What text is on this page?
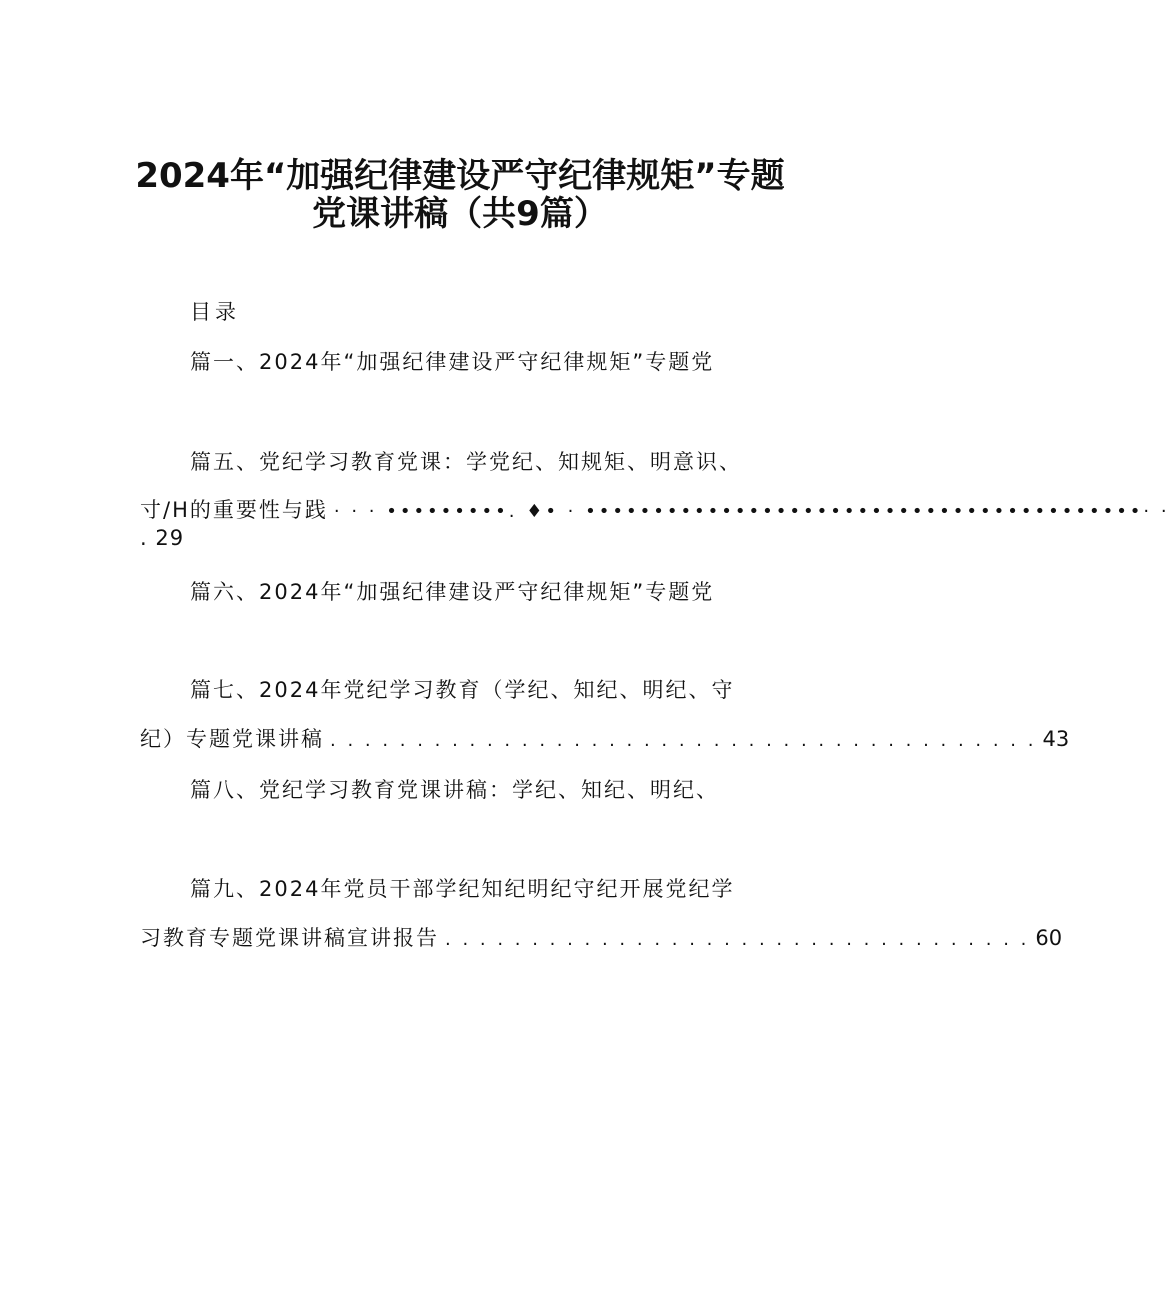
2024年“加强纪律建设严守纪律规矩”专题
党课讲稿（共9篇）
目录
篇一、2024年“加强纪律建设严守纪律规矩”专题党
篇五、党纪学习教育党课：学党纪、知规矩、明意识、
寸/H的重要性与践 · · · •••••••••. ♦• · •••••••••••••••••••••••••••••••••••••••••· ·
. 29
篇六、2024年“加强纪律建设严守纪律规矩”专题党
篇七、2024年党纪学习教育（学纪、知纪、明纪、守
纪）专题党课讲稿 . . . . . . . . . . . . . . . . . . . . . . . . . . . . . . . . . . . . . . . . . 43
篇八、党纪学习教育党课讲稿：学纪、知纪、明纪、
篇九、2024年党员干部学纪知纪明纪守纪开展党纪学
习教育专题党课讲稿宣讲报告 . . . . . . . . . . . . . . . . . . . . . . . . . . . . . . . . . . 60
